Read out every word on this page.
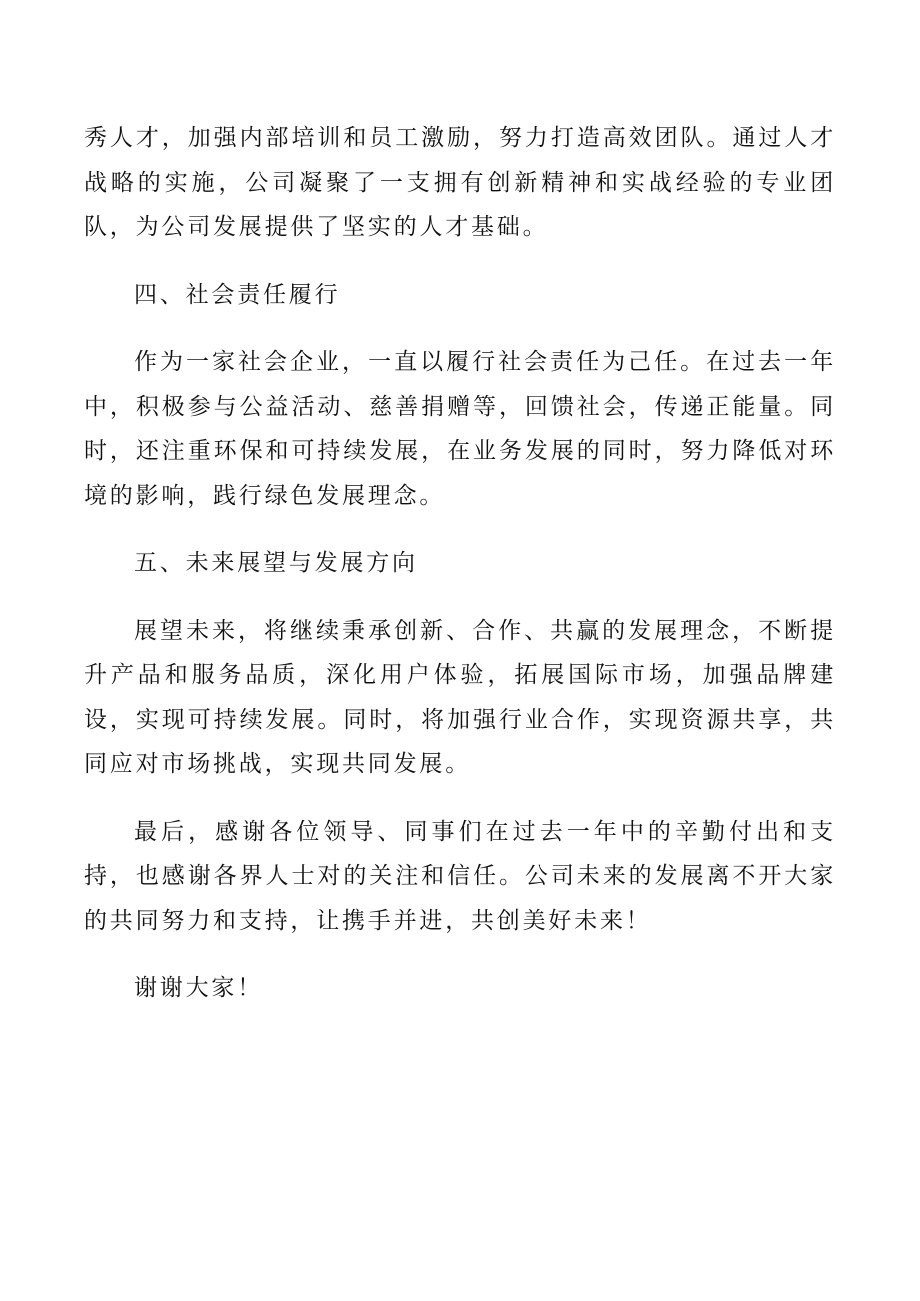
秀人才，加强内部培训和员工激励，努力打造高效团队。通过人才战略的实施，公司凝聚了一支拥有创新精神和实战经验的专业团队，为公司发展提供了坚实的人才基础。

四、社会责任履行

作为一家社会企业，一直以履行社会责任为己任。在过去一年中，积极参与公益活动、慈善捐赠等，回馈社会，传递正能量。同时，还注重环保和可持续发展，在业务发展的同时，努力降低对环境的影响，践行绿色发展理念。

五、未来展望与发展方向

展望未来，将继续秉承创新、合作、共赢的发展理念，不断提升产品和服务品质，深化用户体验，拓展国际市场，加强品牌建设，实现可持续发展。同时，将加强行业合作，实现资源共享，共同应对市场挑战，实现共同发展。

最后，感谢各位领导、同事们在过去一年中的辛勤付出和支持，也感谢各界人士对的关注和信任。公司未来的发展离不开大家的共同努力和支持，让携手并进，共创美好未来！

谢谢大家！
